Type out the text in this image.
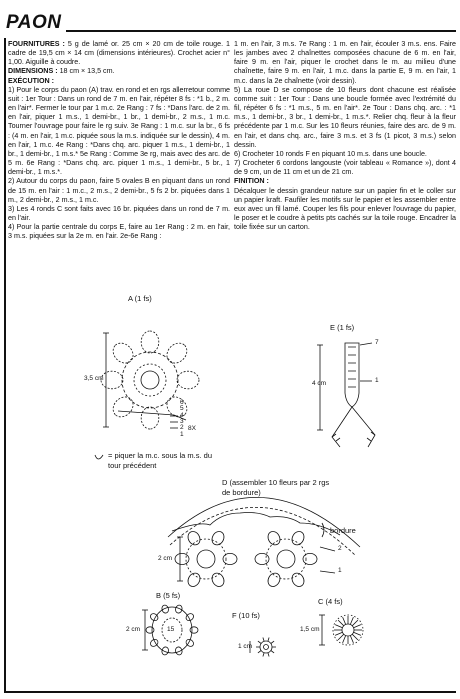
PAON

FOURNITURES : 5 g de lamé or. 25 cm × 20 cm de toile rouge. 1 cadre de 19,5 cm × 14 cm (dimensions intérieures). Crochet acier n° 1,00. Aiguille à coudre.

DIMENSIONS : 18 cm × 13,5 cm.

EXÉCUTION :

1) Pour le corps du paon (A) trav. en rond et en rgs allerretour comme suit : 1er Tour : Dans un rond de 7 m. en l'air, répéter 8 fs : *1 b., 2 m. en l'air*. Fermer le tour par 1 m.c. 2e Rang : 7 fs : *Dans l'arc. de 2 m. en l'air, piquer 1 m.s., 1 demi-br., 1 br., 1 demi-br., 2 m.s., 1 m.c. Tourner l'ouvrage pour faire le rg suiv. 3e Rang : 1 m.c. sur la br., 6 fs : (4 m. en l'air, 1 m.c. piquée sous la m.s. indiquée sur le dessin), 4 m. en l'air, 1 m.c. 4e Rang : *Dans chq. arc. piquer 1 m.s., 1 demi-br., 1 br., 1 demi-br., 1 m.s.* 5e Rang : Comme 3e rg, mais avec des arc. de 5 m. 6e Rang : *Dans chq. arc. piquer 1 m.s., 1 demi-br., 5 br., 1 demi-br., 1 m.s.*.

2) Autour du corps du paon, faire 5 ovales B en piquant dans un rond de 15 m. en l'air : 1 m.c., 2 m.s., 2 demi-br., 5 fs 2 br. piquées dans 1 m., 2 demi-br., 2 m.s., 1 m.c.

3) Les 4 ronds C sont faits avec 16 br. piquées dans un rond de 7 m. en l'air.

4) Pour la partie centrale du corps E, faire au 1er Rang : 2 m. en l'air, 3 m.s. piquées sur la 2e m. en l'air. 2e-6e Rang :

1 m. en l'air, 3 m.s. 7e Rang : 1 m. en l'air, écouler 3 m.s. ens. Faire les jambes avec 2 chaînettes composées chacune de 6 m. en l'air, faire 9 m. en l'air, piquer le crochet dans le m. au milieu d'une chaînette, faire 9 m. en l'air, 1 m.c. dans la partie E, 9 m. en l'air, 1 m.c. dans la 2e chaînette (voir dessin).

5) La roue D se compose de 10 fleurs dont chacune est réalisée comme suit : 1er Tour : Dans une boucle formée avec l'extrémité du fil, répéter 6 fs : *1 m.s., 5 m. en l'air*. 2e Tour : Dans chq. arc. : *1 m.s., 1 demi-br., 3 br., 1 demi-br., 1 m.s.*. Relier chq. fleur à la fleur précédente par 1 m.c. Sur les 10 fleurs réunies, faire des arc. de 9 m. en l'air, et dans chq. arc., faire 3 m.s. et 3 fs (1 picot, 3 m.s.) selon dessin.

6) Crocheter 10 ronds F en piquant 10 m.s. dans une boucle.

7) Crocheter 6 cordons langouste (voir tableau « Romance »), dont 4 de 9 cm, un de 11 cm et un de 21 cm.

FINITION :

Décalquer le dessin grandeur nature sur un papier fin et le coller sur un papier kraft. Faufiler les motifs sur le papier et les assembler entre eux avec un fil lamé. Couper les fils pour enlever l'ouvrage du papier, le poser et le coudre à petits pts cachés sur la toile rouge. Encadrer la toile fixée sur un carton.

A (1 fs)
3,5 cm
6
5
4
3
2
1
8X
= piquer la m.c. sous la m.s. du tour précédent
E (1 fs)
4 cm
7
1
D (assembler 10 fleurs par 2 rgs de bordure)
bordure
2 cm
2
1
B (5 fs)
2 cm	15
F (10 fs)
1 cm
C (4 fs)
1,5 cm
